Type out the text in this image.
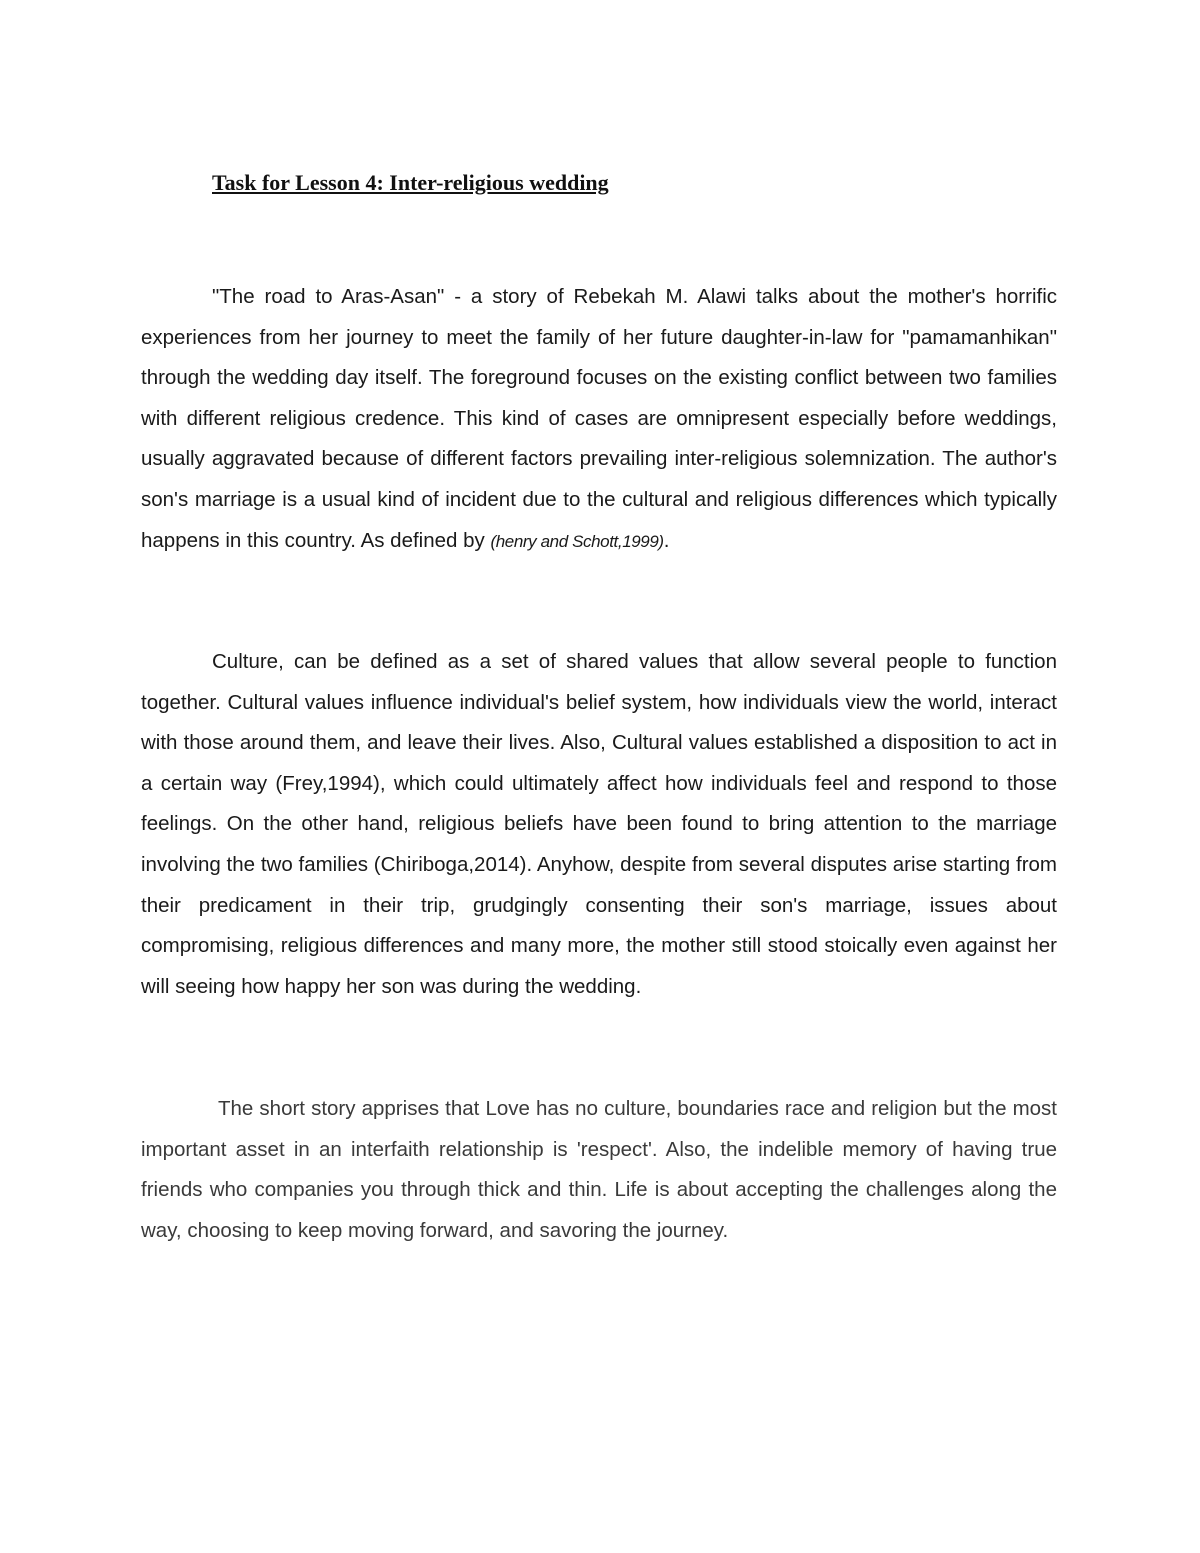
Task for Lesson 4: Inter-religious wedding

"The road to Aras-Asan" - a story of Rebekah M. Alawi talks about the mother's horrific experiences from her journey to meet the family of her future daughter-in-law for "pamamanhikan" through the wedding day itself. The foreground focuses on the existing conflict between two families with different religious credence. This kind of cases are omnipresent especially before weddings, usually aggravated because of different factors prevailing inter-religious solemnization. The author's son's marriage is a usual kind of incident due to the cultural and religious differences which typically happens in this country. As defined by (henry and Schott,1999).

Culture, can be defined as a set of shared values that allow several people to function together. Cultural values influence individual's belief system, how individuals view the world, interact with those around them, and leave their lives. Also, Cultural values established a disposition to act in a certain way (Frey,1994), which could ultimately affect how individuals feel and respond to those feelings. On the other hand, religious beliefs have been found to bring attention to the marriage involving the two families (Chiriboga,2014). Anyhow, despite from several disputes arise starting from their predicament in their trip, grudgingly consenting their son's marriage, issues about compromising, religious differences and many more, the mother still stood stoically even against her will seeing how happy her son was during the wedding.

The short story apprises that Love has no culture, boundaries race and religion but the most important asset in an interfaith relationship is 'respect'. Also, the indelible memory of having true friends who companies you through thick and thin. Life is about accepting the challenges along the way, choosing to keep moving forward, and savoring the journey.
